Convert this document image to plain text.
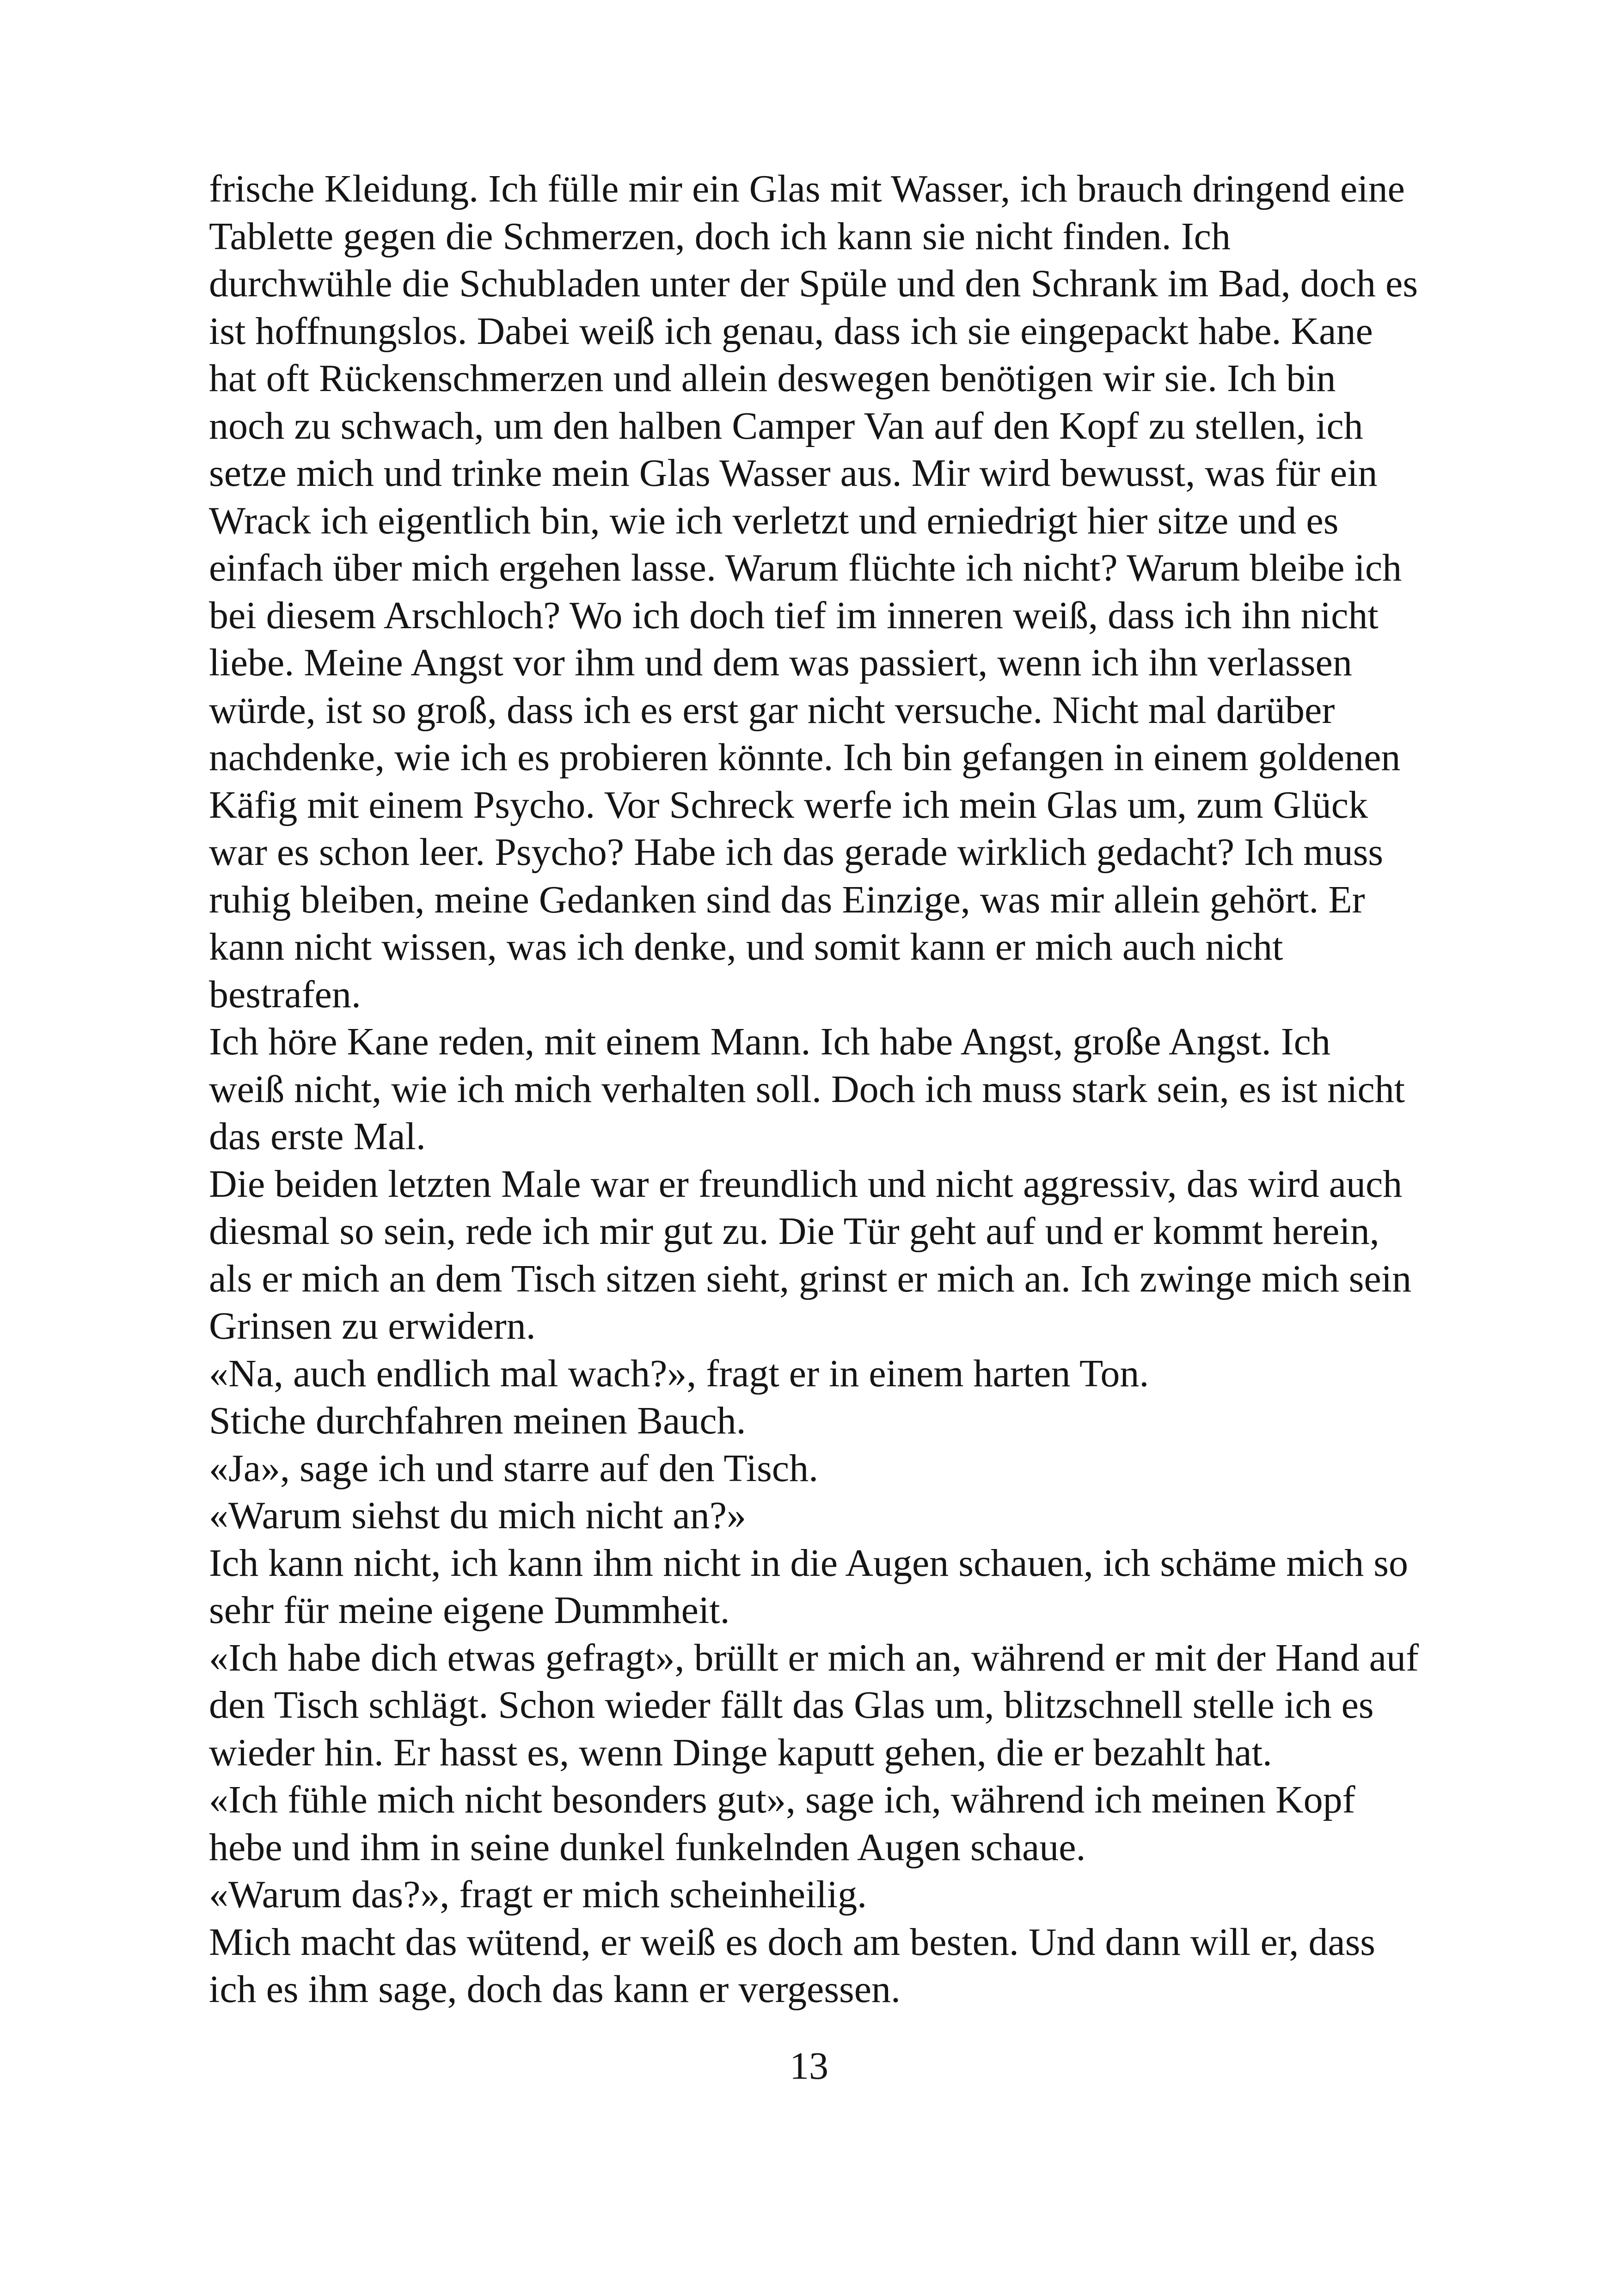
frische Kleidung. Ich fülle mir ein Glas mit Wasser, ich brauch dringend eine
Tablette gegen die Schmerzen, doch ich kann sie nicht finden. Ich
durchwühle die Schubladen unter der Spüle und den Schrank im Bad, doch es
ist hoffnungslos. Dabei weiß ich genau, dass ich sie eingepackt habe. Kane
hat oft Rückenschmerzen und allein deswegen benötigen wir sie. Ich bin
noch zu schwach, um den halben Camper Van auf den Kopf zu stellen, ich
setze mich und trinke mein Glas Wasser aus. Mir wird bewusst, was für ein
Wrack ich eigentlich bin, wie ich verletzt und erniedrigt hier sitze und es
einfach über mich ergehen lasse. Warum flüchte ich nicht? Warum bleibe ich
bei diesem Arschloch? Wo ich doch tief im inneren weiß, dass ich ihn nicht
liebe. Meine Angst vor ihm und dem was passiert, wenn ich ihn verlassen
würde, ist so groß, dass ich es erst gar nicht versuche. Nicht mal darüber
nachdenke, wie ich es probieren könnte. Ich bin gefangen in einem goldenen
Käfig mit einem Psycho. Vor Schreck werfe ich mein Glas um, zum Glück
war es schon leer. Psycho? Habe ich das gerade wirklich gedacht? Ich muss
ruhig bleiben, meine Gedanken sind das Einzige, was mir allein gehört. Er
kann nicht wissen, was ich denke, und somit kann er mich auch nicht
bestrafen.
Ich höre Kane reden, mit einem Mann. Ich habe Angst, große Angst. Ich
weiß nicht, wie ich mich verhalten soll. Doch ich muss stark sein, es ist nicht
das erste Mal.
Die beiden letzten Male war er freundlich und nicht aggressiv, das wird auch
diesmal so sein, rede ich mir gut zu. Die Tür geht auf und er kommt herein,
als er mich an dem Tisch sitzen sieht, grinst er mich an. Ich zwinge mich sein
Grinsen zu erwidern.
«Na, auch endlich mal wach?», fragt er in einem harten Ton.
Stiche durchfahren meinen Bauch.
«Ja», sage ich und starre auf den Tisch.
«Warum siehst du mich nicht an?»
Ich kann nicht, ich kann ihm nicht in die Augen schauen, ich schäme mich so
sehr für meine eigene Dummheit.
«Ich habe dich etwas gefragt», brüllt er mich an, während er mit der Hand auf
den Tisch schlägt. Schon wieder fällt das Glas um, blitzschnell stelle ich es
wieder hin. Er hasst es, wenn Dinge kaputt gehen, die er bezahlt hat.
«Ich fühle mich nicht besonders gut», sage ich, während ich meinen Kopf
hebe und ihm in seine dunkel funkelnden Augen schaue.
«Warum das?», fragt er mich scheinheilig.
Mich macht das wütend, er weiß es doch am besten. Und dann will er, dass
ich es ihm sage, doch das kann er vergessen.
13
